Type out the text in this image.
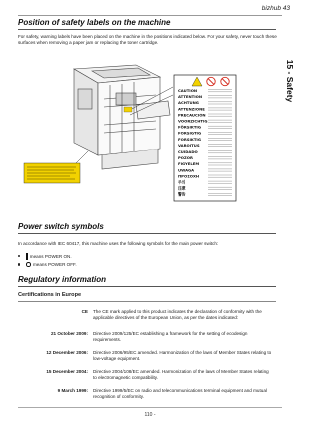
bizhub 43
15 - Safety
Position of safety labels on the machine
For safety, warning labels have been placed on the machine in the positions indicated below. For your safety, never touch these surfaces when removing a paper jam or replacing the toner cartridge.
CAUTION
ATTENTION
ACHTUNG
ATTENZIONE
PRECAUCIÓN
VOORZICHTIG
FÖRSIKTIG
FORSIGTIG
FORSIKTIG
VAROITUS
CUIDADO
POZOR
FIGYELEM
UWAGA
ΠΡΟΣΟΧΗ
주의
注意
警告
Power switch symbols
In accordance with IEC 60417, this machine uses the following symbols for the main power switch:
means POWER ON.
means POWER OFF.
Regulatory information
Certifications in Europe
CE The CE mark applied to this product indicates the declaration of conformity with the applicable directives of the European Union, as per the dates indicated:
21 October 2009: Directive 2009/125/EC establishing a framework for the setting of ecodesign requirements.
12 December 2006: Directive 2006/95/EC amended. Harmonization of the laws of Member States relating to low-voltage equipment.
15 December 2004: Directive 2004/108/EC amended. Harmonization of the laws of Member States relating to electromagnetic compatibility.
9 March 1999: Directive 1999/5/EC on radio and telecommunications terminal equipment and mutual recognition of conformity.
110 -
